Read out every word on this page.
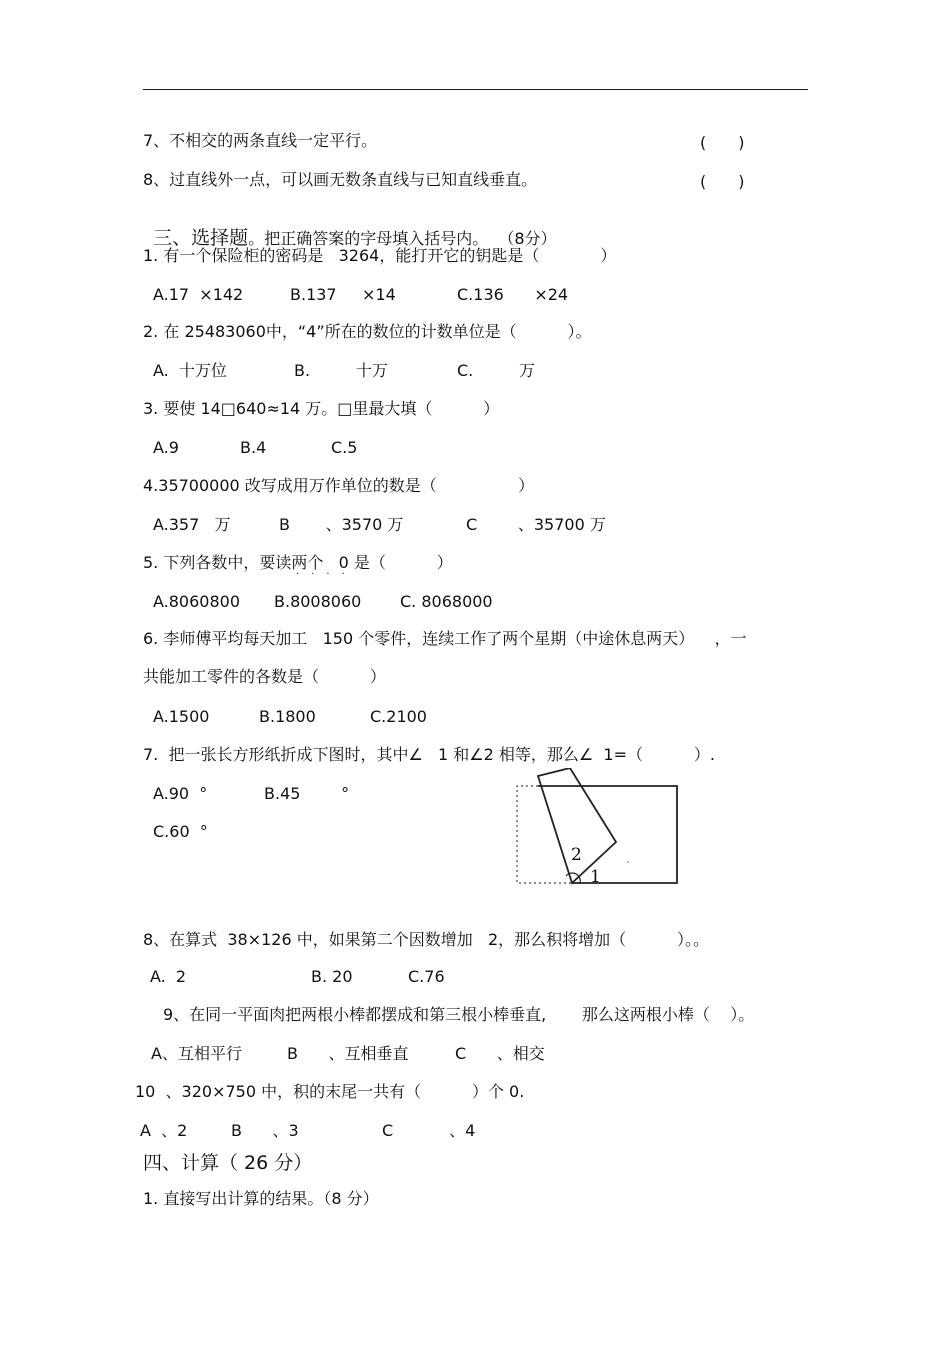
7、不相交的两条直线一定平行。	(　　)
8、过直线外一点，可以画无数条直线与已知直线垂直。	(　　)

三、选择题。把正确答案的字母填入括号内。  （8分）

1. 有一个保险柜的密码是   3264，能打开它的钥匙是（            ）
A.17  ×142	B.137     ×14	C.136      ×24
2. 在 25483060中，“4”所在的数位的计数单位是（          ）。
A.  十万位	B.         十万	C.         万
3. 要使 14□640≈14 万。□里最大填（          ）
A.9	B.4	C.5
4.35700000 改写成用万作单位的数是（                ）
A.357   万	B       、3570 万	C        、35700 万
5. 下列各数中，要读两个   0 是（          ）
····
A.8060800 B.8008060 C. 8068000
6. 李师傅平均每天加工   150 个零件，连续工作了两个星期（中途休息两天）    ，一
共能加工零件的各数是（          ）
A.1500	B.1800	C.2100
7.  把一张长方形纸折成下图时，其中∠   1 和∠2 相等，那么∠  1=（          ）.
A.90  °	B.45        °
C.60  °
2
1
8、在算式  38×126 中，如果第二个因数增加   2，那么积将增加（          ）。。
A.  2	B. 20	C.76
9、在同一平面肉把两根小棒都摆成和第三根小棒垂直,       那么这两根小棒（    ）。
A、互相平行	B      、互相垂直	C      、相交
10  、320×750 中，积的末尾一共有（          ）个 0.
A  、2	B      、3	C           、4
四、计算（ 26 分）
1. 直接写出计算的结果。（8 分）
